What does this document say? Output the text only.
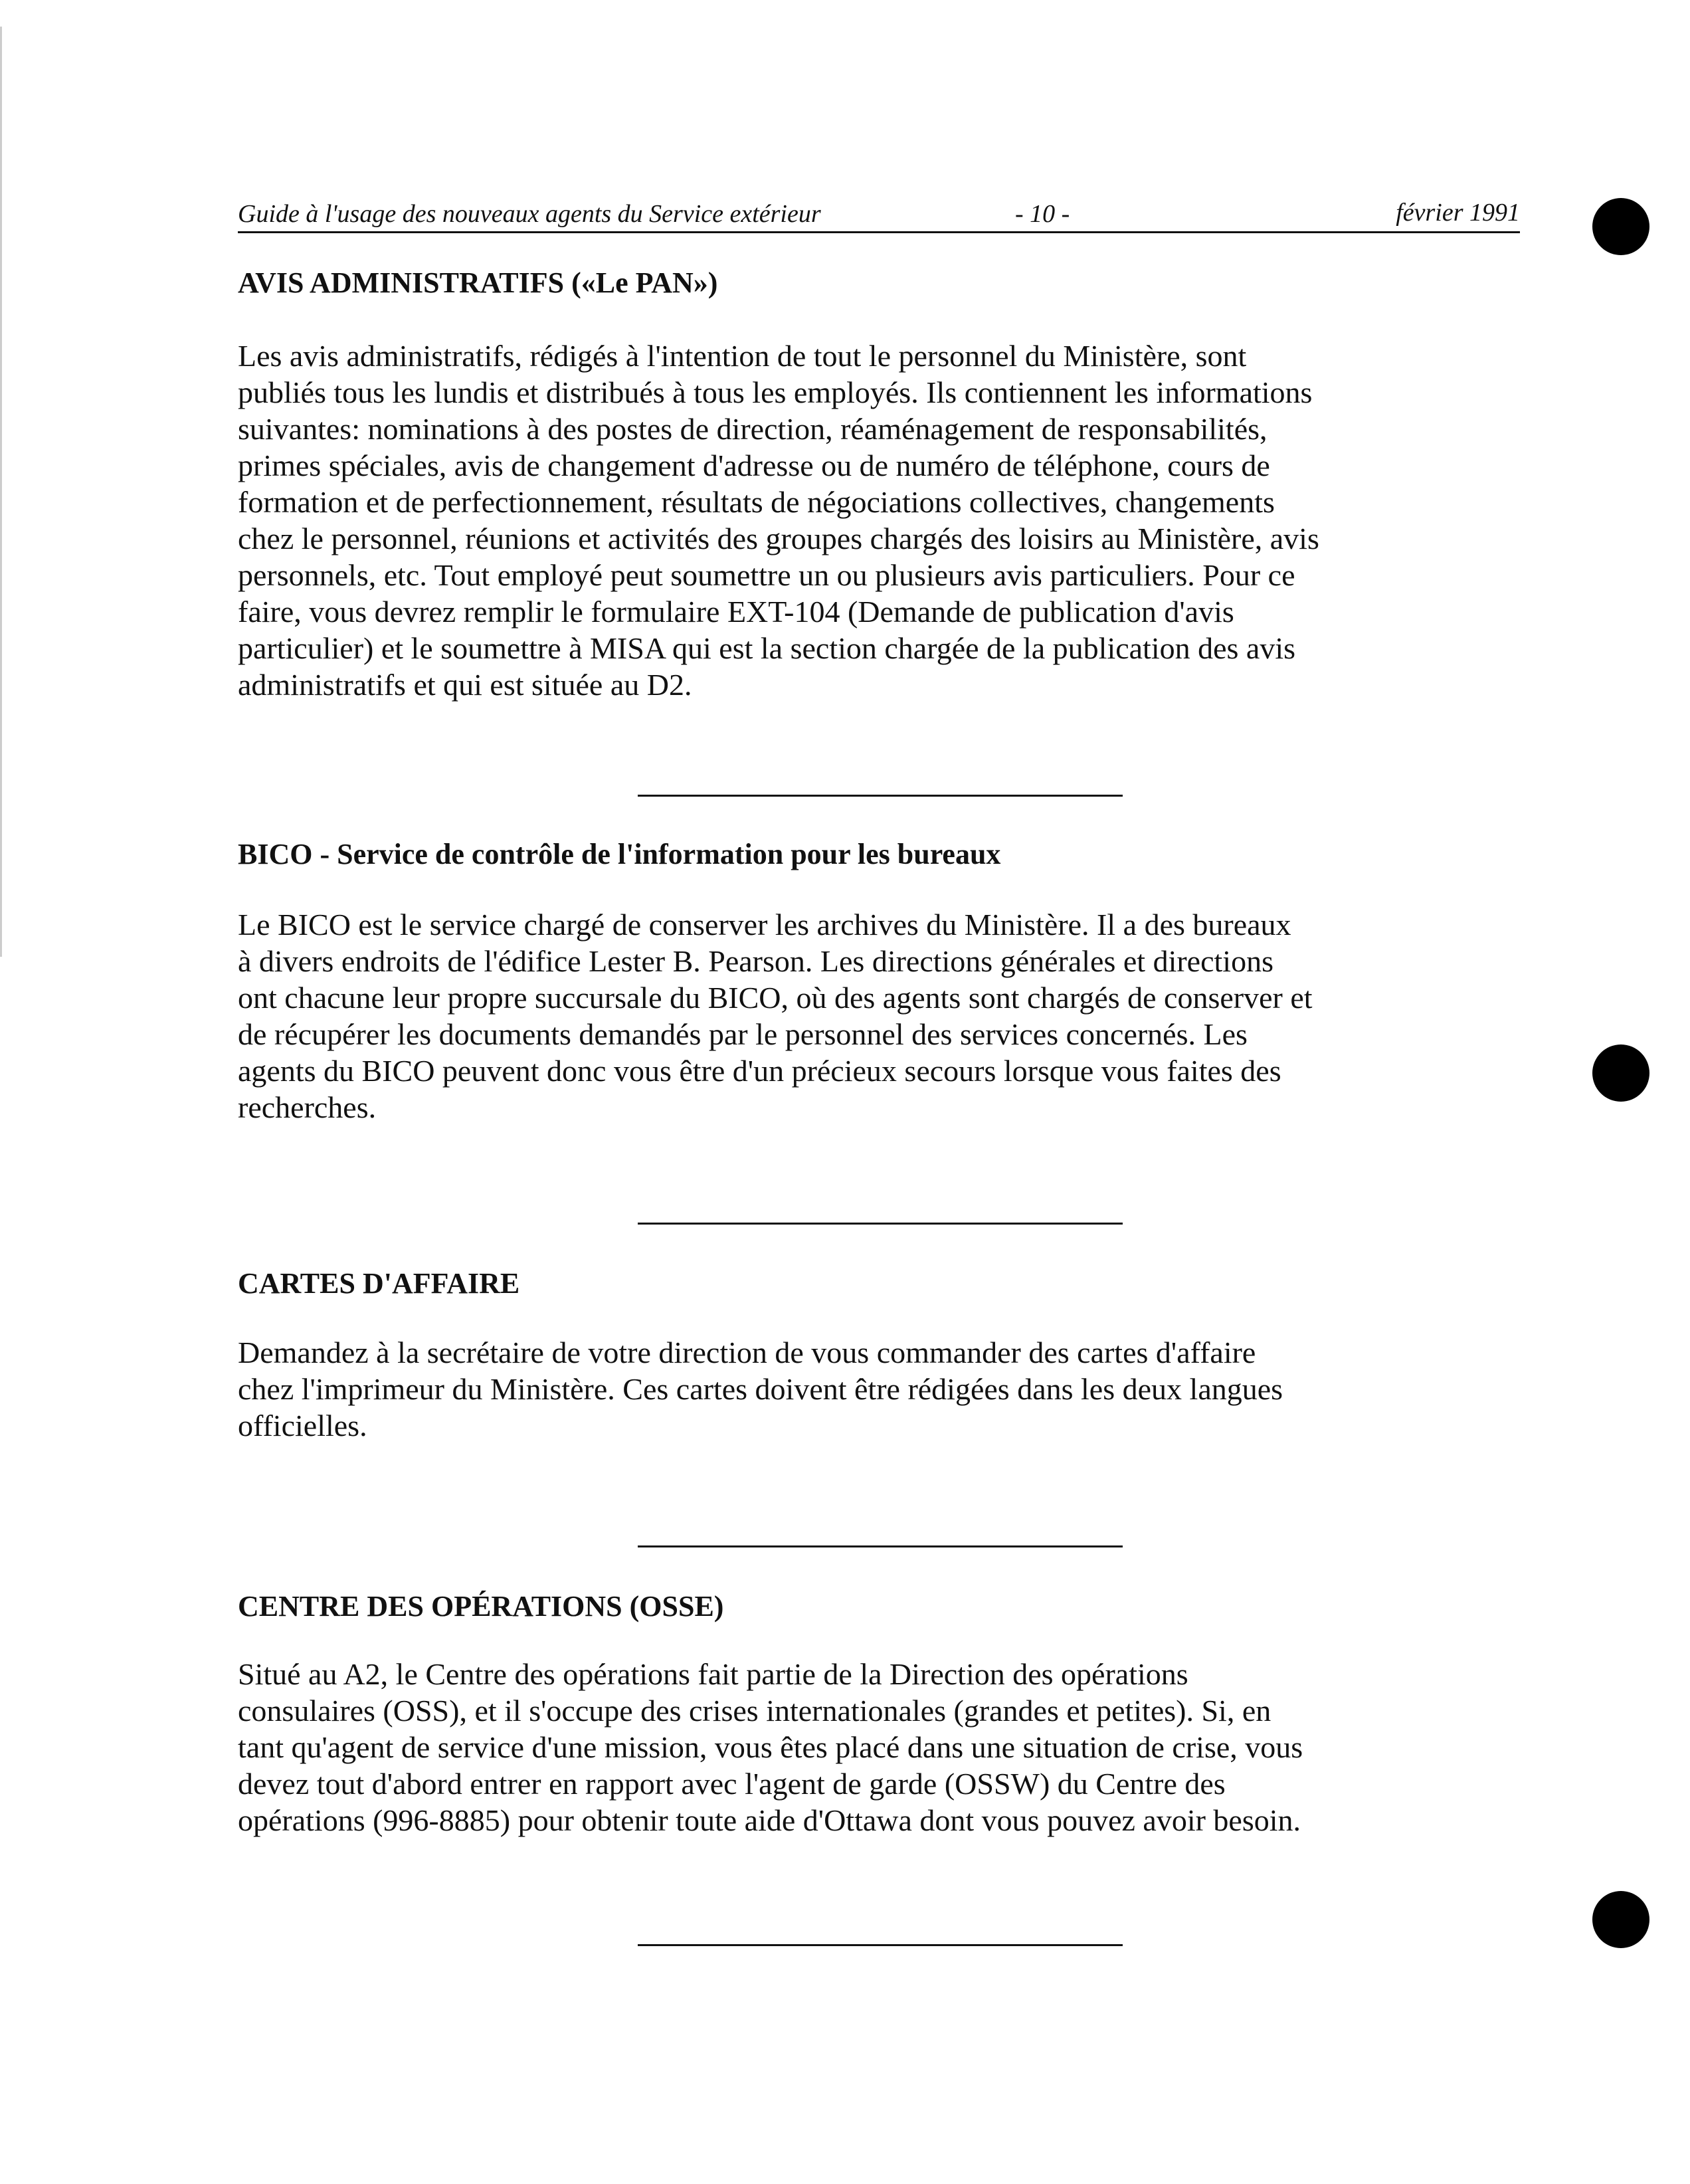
Guide à l'usage des nouveaux agents du Service extérieur	- 10 -	février 1991
AVIS ADMINISTRATIFS («Le PAN»)
Les avis administratifs, rédigés à l'intention de tout le personnel du Ministère, sont
publiés tous les lundis et distribués à tous les employés. Ils contiennent les informations
suivantes: nominations à des postes de direction, réaménagement de responsabilités,
primes spéciales, avis de changement d'adresse ou de numéro de téléphone, cours de
formation et de perfectionnement, résultats de négociations collectives, changements
chez le personnel, réunions et activités des groupes chargés des loisirs au Ministère, avis
personnels, etc. Tout employé peut soumettre un ou plusieurs avis particuliers. Pour ce
faire, vous devrez remplir le formulaire EXT-104 (Demande de publication d'avis
particulier) et le soumettre à MISA qui est la section chargée de la publication des avis
administratifs et qui est située au D2.
BICO - Service de contrôle de l'information pour les bureaux
Le BICO est le service chargé de conserver les archives du Ministère. Il a des bureaux
à divers endroits de l'édifice Lester B. Pearson. Les directions générales et directions
ont chacune leur propre succursale du BICO, où des agents sont chargés de conserver et
de récupérer les documents demandés par le personnel des services concernés. Les
agents du BICO peuvent donc vous être d'un précieux secours lorsque vous faites des
recherches.
CARTES D'AFFAIRE
Demandez à la secrétaire de votre direction de vous commander des cartes d'affaire
chez l'imprimeur du Ministère. Ces cartes doivent être rédigées dans les deux langues
officielles.
CENTRE DES OPÉRATIONS (OSSE)
Situé au A2, le Centre des opérations fait partie de la Direction des opérations
consulaires (OSS), et il s'occupe des crises internationales (grandes et petites). Si, en
tant qu'agent de service d'une mission, vous êtes placé dans une situation de crise, vous
devez tout d'abord entrer en rapport avec l'agent de garde (OSSW) du Centre des
opérations (996-8885) pour obtenir toute aide d'Ottawa dont vous pouvez avoir besoin.
